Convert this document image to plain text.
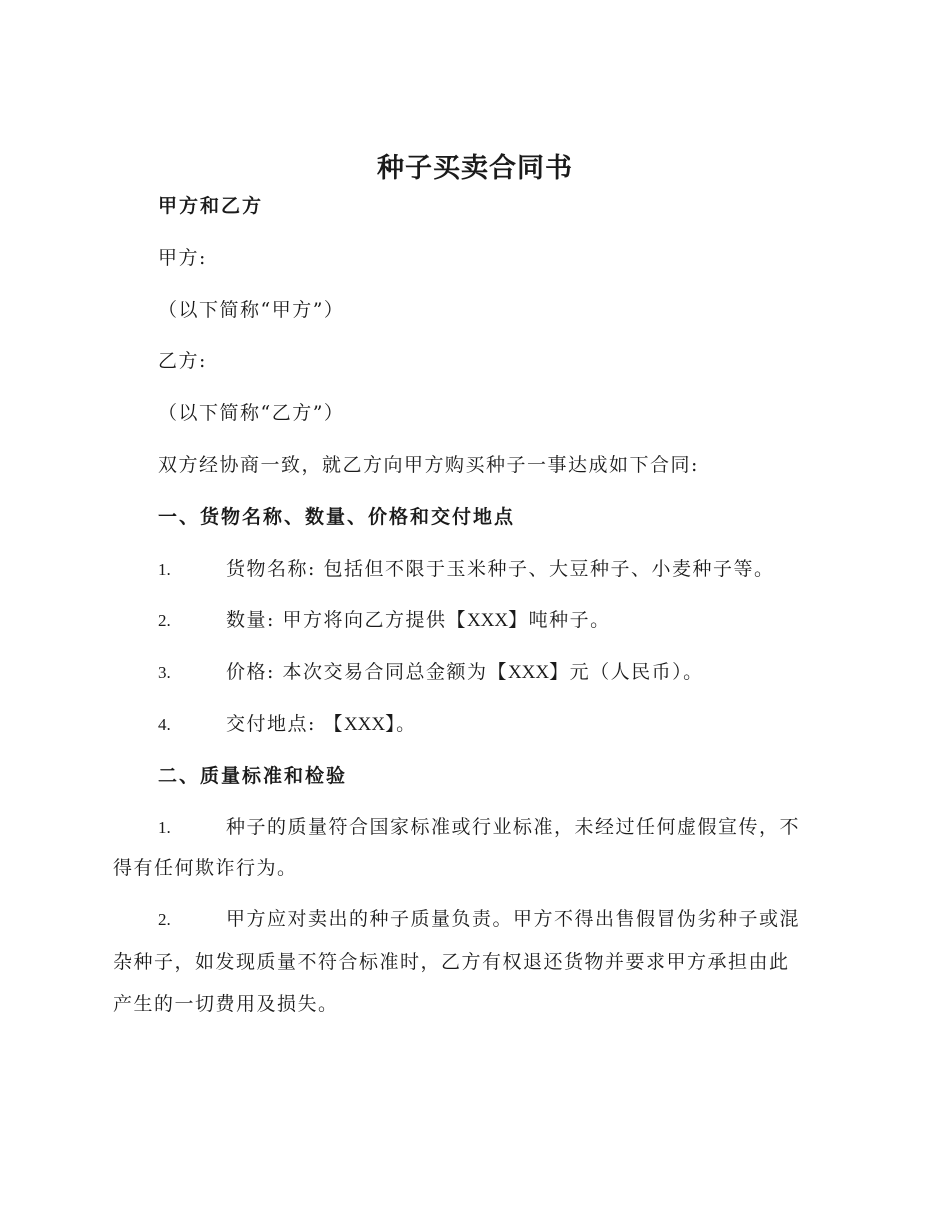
种子买卖合同书
甲方和乙方
甲方:
（以下简称“甲方”）
乙方:
（以下简称“乙方”）
双方经协商一致，就乙方向甲方购买种子一事达成如下合同:
一、货物名称、数量、价格和交付地点
1.	货物名称: 包括但不限于玉米种子、大豆种子、小麦种子等。
2.	数量: 甲方将向乙方提供【XXX】吨种子。
3.	价格: 本次交易合同总金额为【XXX】元（人民币）。
4.	交付地点: 【XXX】。
二、质量标准和检验
1.	种子的质量符合国家标准或行业标准，未经过任何虚假宣传，不
得有任何欺诈行为。
2.	甲方应对卖出的种子质量负责。甲方不得出售假冒伪劣种子或混
杂种子，如发现质量不符合标准时，乙方有权退还货物并要求甲方承担由此
产生的一切费用及损失。
